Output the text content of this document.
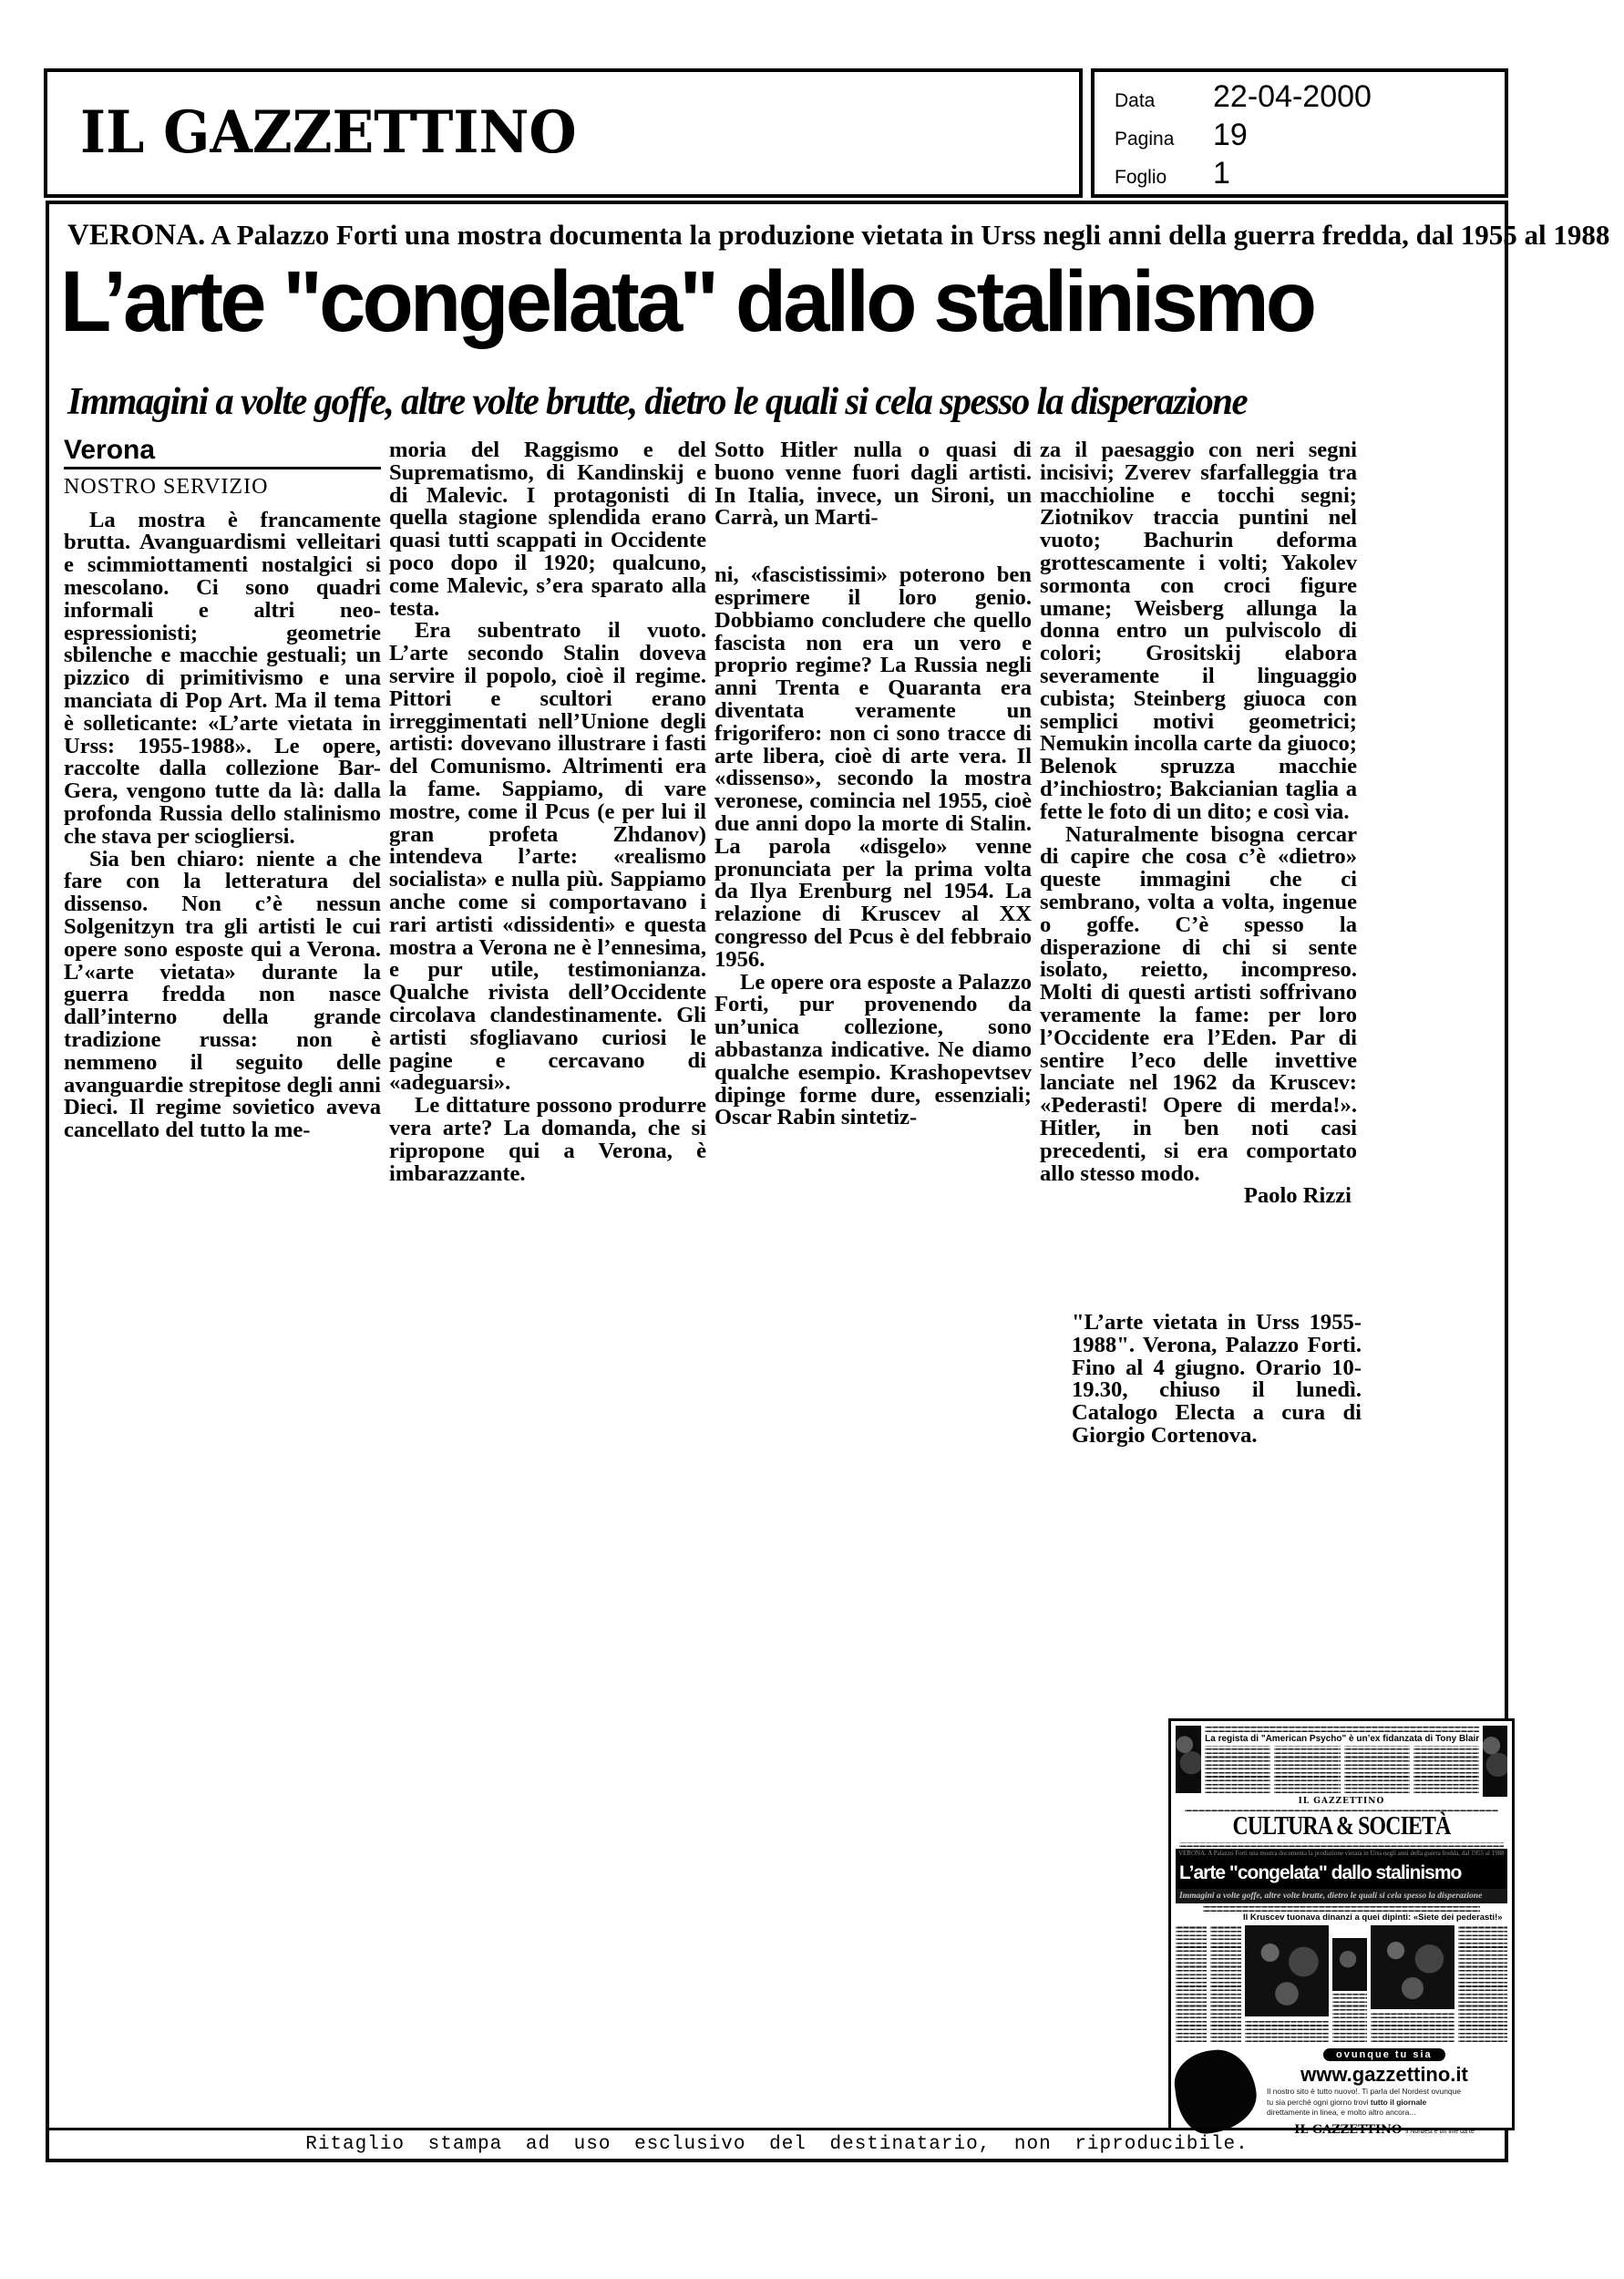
IL GAZZETTINO	Data	22-04-2000
Pagina	19
Foglio	1
VERONA. A Palazzo Forti una mostra documenta la produzione vietata in Urss negli anni della guerra fredda, dal 1955 al 1988
L’arte "congelata" dallo stalinismo
Immagini a volte goffe, altre volte brutte, dietro le quali si cela spesso la disperazione
Verona
NOSTRO SERVIZIO

La mostra è francamente brutta. Avanguardismi velleitari e scimmiottamenti nostalgici si mescolano. Ci sono quadri informali e altri neo-espressionisti; geometrie sbilenche e macchie gestuali; un pizzico di primitivismo e una manciata di Pop Art. Ma il tema è solleticante: «L’arte vietata in Urss: 1955-1988». Le opere, raccolte dalla collezione Bar-Gera, vengono tutte da là: dalla profonda Russia dello stalinismo che stava per sciogliersi.

Sia ben chiaro: niente a che fare con la letteratura del dissenso. Non c’è nessun Solgenitzyn tra gli artisti le cui opere sono esposte qui a Verona. L’«arte vietata» durante la guerra fredda non nasce dall’interno della grande tradizione russa: non è nemmeno il seguito delle avanguardie strepitose degli anni Dieci. Il regime sovietico aveva cancellato del tutto la me-

moria del Raggismo e del Suprematismo, di Kandinskij e di Malevic. I protagonisti di quella stagione splendida erano quasi tutti scappati in Occidente poco dopo il 1920; qualcuno, come Malevic, s’era sparato alla testa.

Era subentrato il vuoto. L’arte secondo Stalin doveva servire il popolo, cioè il regime. Pittori e scultori erano irreggimentati nell’Unione degli artisti: dovevano illustrare i fasti del Comunismo. Altrimenti era la fame. Sappiamo, di vare mostre, come il Pcus (e per lui il gran profeta Zhdanov) intendeva l’arte: «realismo socialista» e nulla più. Sappiamo anche come si comportavano i rari artisti «dissidenti» e questa mostra a Verona ne è l’ennesima, e pur utile, testimonianza. Qualche rivista dell’Occidente circolava clandestinamente. Gli artisti sfogliavano curiosi le pagine e cercavano di «adeguarsi».

Le dittature possono produrre vera arte? La domanda, che si ripropone qui a Verona, è imbarazzante.

Sotto Hitler nulla o quasi di buono venne fuori dagli artisti. In Italia, invece, un Sironi, un Carrà, un Marti-

ni, «fascistissimi» poterono ben esprimere il loro genio. Dobbiamo concludere che quello fascista non era un vero e proprio regime? La Russia negli anni Trenta e Quaranta era diventata veramente un frigorifero: non ci sono tracce di arte libera, cioè di arte vera. Il «dissenso», secondo la mostra veronese, comincia nel 1955, cioè due anni dopo la morte di Stalin. La parola «disgelo» venne pronunciata per la prima volta da Ilya Erenburg nel 1954. La relazione di Kruscev al XX congresso del Pcus è del febbraio 1956.

Le opere ora esposte a Palazzo Forti, pur provenendo da un’unica collezione, sono abbastanza indicative. Ne diamo qualche esempio. Krashopevtsev dipinge forme dure, essenziali; Oscar Rabin sintetiz-

za il paesaggio con neri segni incisivi; Zverev sfarfalleggia tra macchioline e tocchi segni; Ziotnikov traccia puntini nel vuoto; Bachurin deforma grottescamente i volti; Yakolev sormonta con croci figure umane; Weisberg allunga la donna entro un pulviscolo di colori; Grositskij elabora severamente il linguaggio cubista; Steinberg giuoca con semplici motivi geometrici; Nemukin incolla carte da giuoco; Belenok spruzza macchie d’inchiostro; Bakcianian taglia a fette le foto di un dito; e così via.

Naturalmente bisogna cercar di capire che cosa c’è «dietro» queste immagini che ci sembrano, volta a volta, ingenue o goffe. C’è spesso la disperazione di chi si sente isolato, reietto, incompreso. Molti di questi artisti soffrivano veramente la fame: per loro l’Occidente era l’Eden. Par di sentire l’eco delle invettive lanciate nel 1962 da Kruscev: «Pederasti! Opere di merda!». Hitler, in ben noti casi precedenti, si era comportato allo stesso modo.

Paolo Rizzi

"L’arte vietata in Urss 1955-1988". Verona, Palazzo Forti. Fino al 4 giugno. Orario 10-19.30, chiuso il lunedì. Catalogo Electa a cura di Giorgio Cortenova.
La regista di "American Psycho" è un’ex fidanzata di Tony Blair
IL GAZZETTINO
CULTURA & SOCIETÀ
VERONA. A Palazzo Forti una mostra documenta la produzione vietata in Urss negli anni della guerra fredda, dal 1955 al 1988
L’arte "congelata" dallo stalinismo
Immagini a volte goffe, altre volte brutte, dietro le quali si cela spesso la disperazione
Il Kruscev tuonava dinanzi a quei dipinti: «Siete dei pederasti!»
ovunque tu sia
www.gazzettino.it
Il nostro sito è tutto nuovo!. Ti parla del Nordest ovunque
tu sia perché ogni giorno trovi tutto il giornale
direttamente in linea, e molto altro ancora...
IL GAZZETTINO il Nordest è on line da te
Ritaglio stampa ad uso esclusivo del destinatario, non riproducibile.
